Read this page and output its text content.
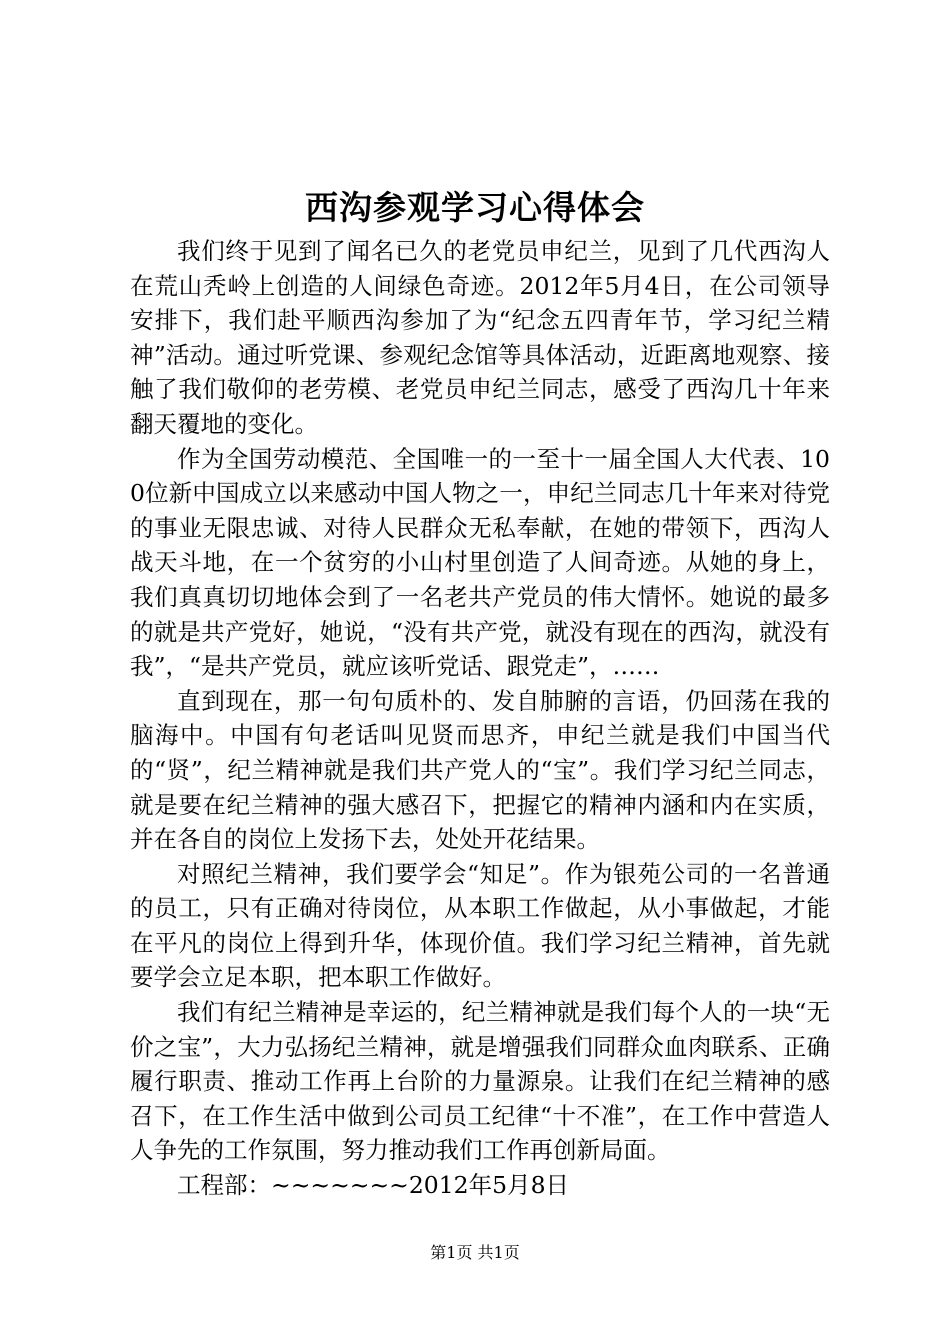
西沟参观学习心得体会

我们终于见到了闻名已久的老党员申纪兰，见到了几代西沟人在荒山秃岭上创造的人间绿色奇迹。2012年5月4日，在公司领导安排下，我们赴平顺西沟参加了为“纪念五四青年节，学习纪兰精神”活动。通过听党课、参观纪念馆等具体活动，近距离地观察、接触了我们敬仰的老劳模、老党员申纪兰同志，感受了西沟几十年来翻天覆地的变化。

作为全国劳动模范、全国唯一的一至十一届全国人大代表、100位新中国成立以来感动中国人物之一，申纪兰同志几十年来对待党的事业无限忠诚、对待人民群众无私奉献，在她的带领下，西沟人战天斗地，在一个贫穷的小山村里创造了人间奇迹。从她的身上，我们真真切切地体会到了一名老共产党员的伟大情怀。她说的最多的就是共产党好，她说，“没有共产党，就没有现在的西沟，就没有我”，“是共产党员，就应该听党话、跟党走”，……

直到现在，那一句句质朴的、发自肺腑的言语，仍回荡在我的脑海中。中国有句老话叫见贤而思齐，申纪兰就是我们中国当代的“贤”，纪兰精神就是我们共产党人的“宝”。我们学习纪兰同志，就是要在纪兰精神的强大感召下，把握它的精神内涵和内在实质，并在各自的岗位上发扬下去，处处开花结果。

对照纪兰精神，我们要学会“知足”。作为银苑公司的一名普通的员工，只有正确对待岗位，从本职工作做起，从小事做起，才能在平凡的岗位上得到升华，体现价值。我们学习纪兰精神，首先就要学会立足本职，把本职工作做好。

我们有纪兰精神是幸运的，纪兰精神就是我们每个人的一块“无价之宝”，大力弘扬纪兰精神，就是增强我们同群众血肉联系、正确履行职责、推动工作再上台阶的力量源泉。让我们在纪兰精神的感召下，在工作生活中做到公司员工纪律“十不准”，在工作中营造人人争先的工作氛围，努力推动我们工作再创新局面。

工程部：~~~~~~~2012年5月8日

第1页 共1页
